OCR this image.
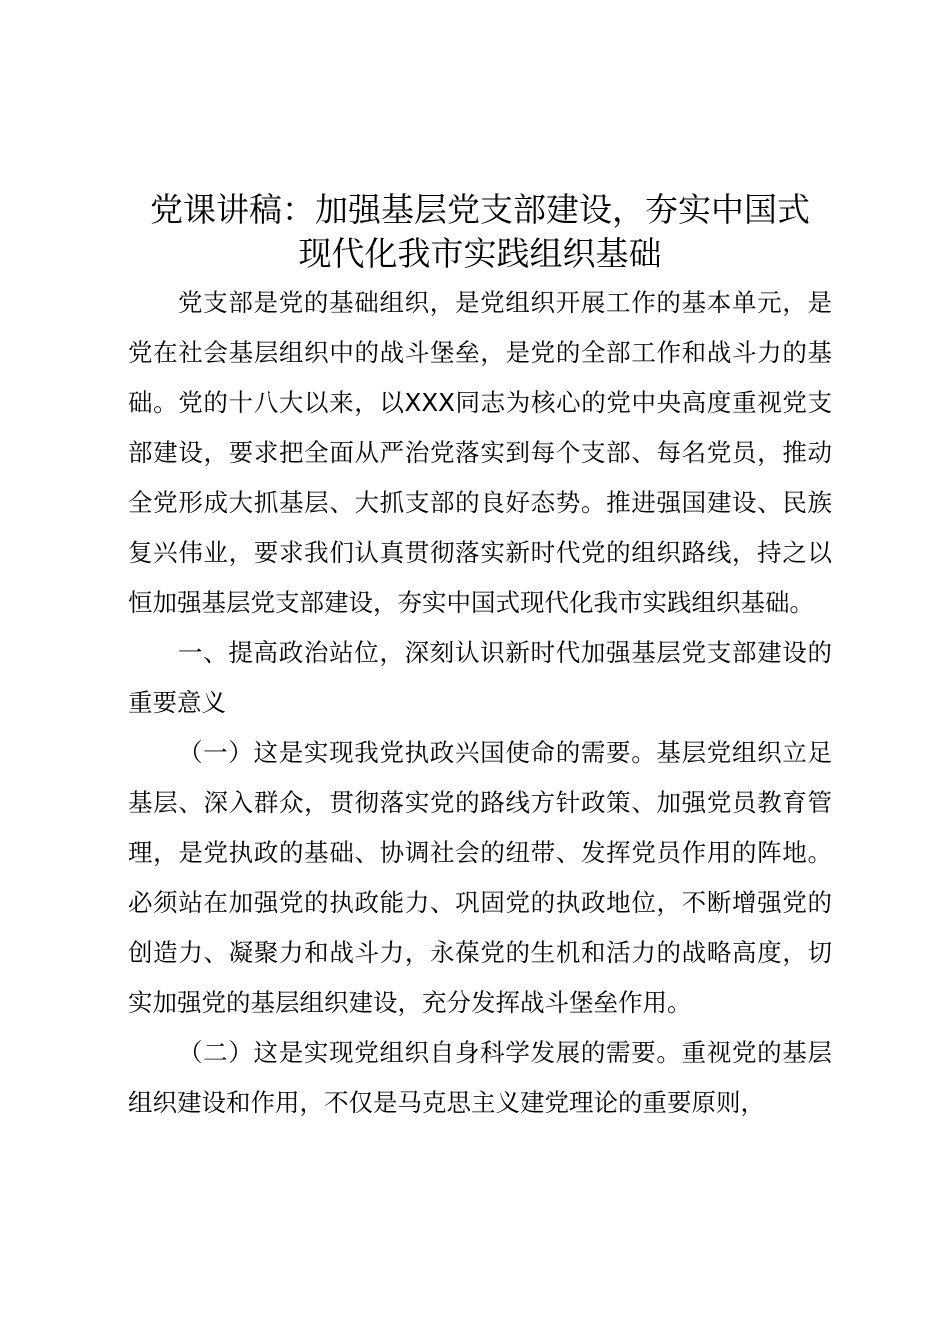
党课讲稿：加强基层党支部建设，夯实中国式
现代化我市实践组织基础

党支部是党的基础组织，是党组织开展工作的基本单元，是党在社会基层组织中的战斗堡垒，是党的全部工作和战斗力的基础。党的十八大以来，以XXX同志为核心的党中央高度重视党支部建设，要求把全面从严治党落实到每个支部、每名党员，推动全党形成大抓基层、大抓支部的良好态势。推进强国建设、民族复兴伟业，要求我们认真贯彻落实新时代党的组织路线，持之以恒加强基层党支部建设，夯实中国式现代化我市实践组织基础。

一、提高政治站位，深刻认识新时代加强基层党支部建设的重要意义

（一）这是实现我党执政兴国使命的需要。基层党组织立足基层、深入群众，贯彻落实党的路线方针政策、加强党员教育管理，是党执政的基础、协调社会的纽带、发挥党员作用的阵地。必须站在加强党的执政能力、巩固党的执政地位，不断增强党的创造力、凝聚力和战斗力，永葆党的生机和活力的战略高度，切实加强党的基层组织建设，充分发挥战斗堡垒作用。

（二）这是实现党组织自身科学发展的需要。重视党的基层组织建设和作用，不仅是马克思主义建党理论的重要原则，
